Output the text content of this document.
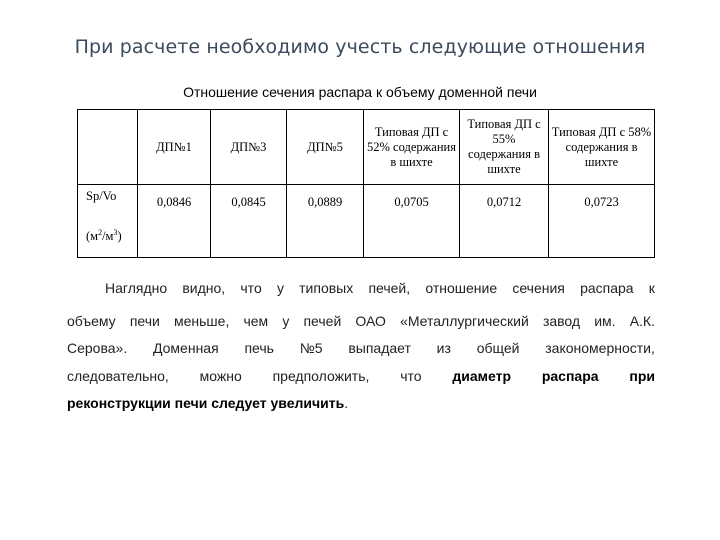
При расчете необходимо учесть следующие отношения
Отношение сечения распара к объему доменной печи
	ДП№1	ДП№3	ДП№5	Типовая ДП с 52% содержания в шихте	Типовая ДП с 55% содержания в шихте	Типовая ДП с 58% содержания в шихте

Sp/Vo
$(м^2/м^3)$	0,0846	0,0845	0,0889	0,0705	0,0712	0,0723
Наглядно видно, что у типовых печей, отношение сечения распара к
объему печи меньше, чем у печей ОАО «Металлургический завод им. А.К.
Серова». Доменная печь №5 выпадает из общей закономерности,
следовательно, можно предположить, что диаметр распара при
реконструкции печи следует увеличить.
